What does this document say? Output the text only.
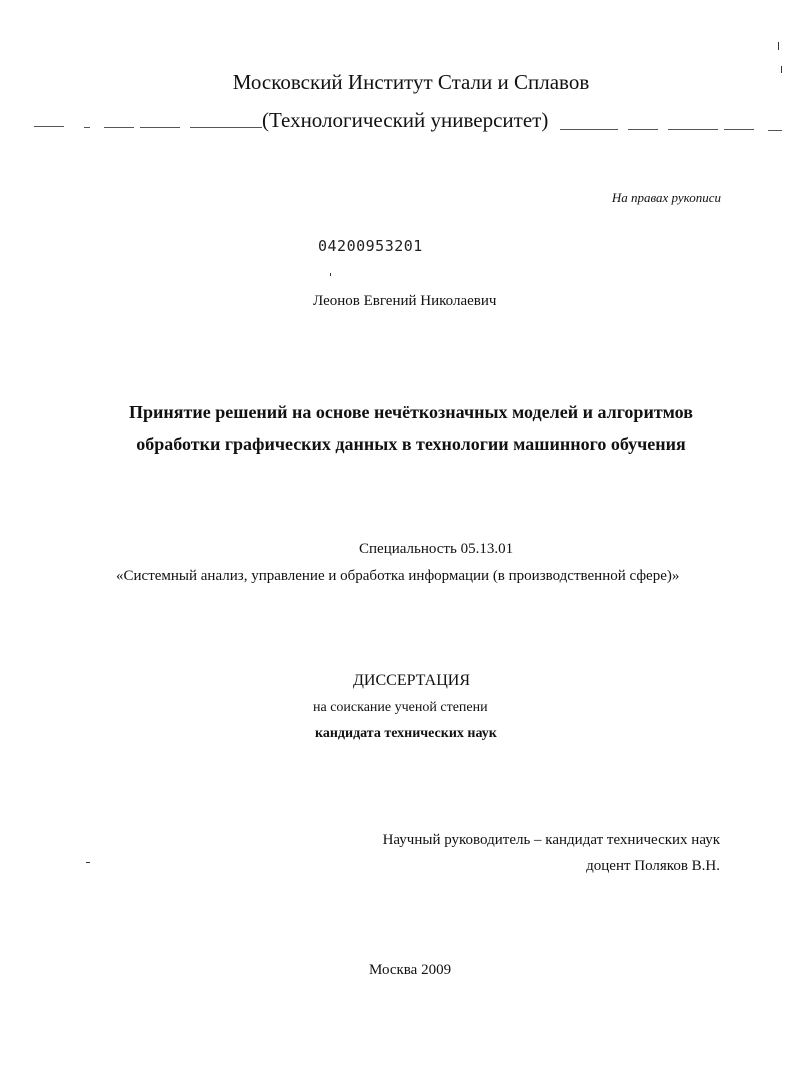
Московский Институт Стали и Сплавов
(Технологический университет)
На правах рукописи
04200953201
Леонов Евгений Николаевич
Принятие решений на основе нечёткозначных моделей и алгоритмов
обработки графических данных в технологии машинного обучения
Специальность 05.13.01
«Системный анализ, управление и обработка информации (в производственной сфере)»
ДИССЕРТАЦИЯ
на соискание ученой степени
кандидата технических наук
Научный руководитель – кандидат технических наук
доцент Поляков В.Н.
Москва 2009
